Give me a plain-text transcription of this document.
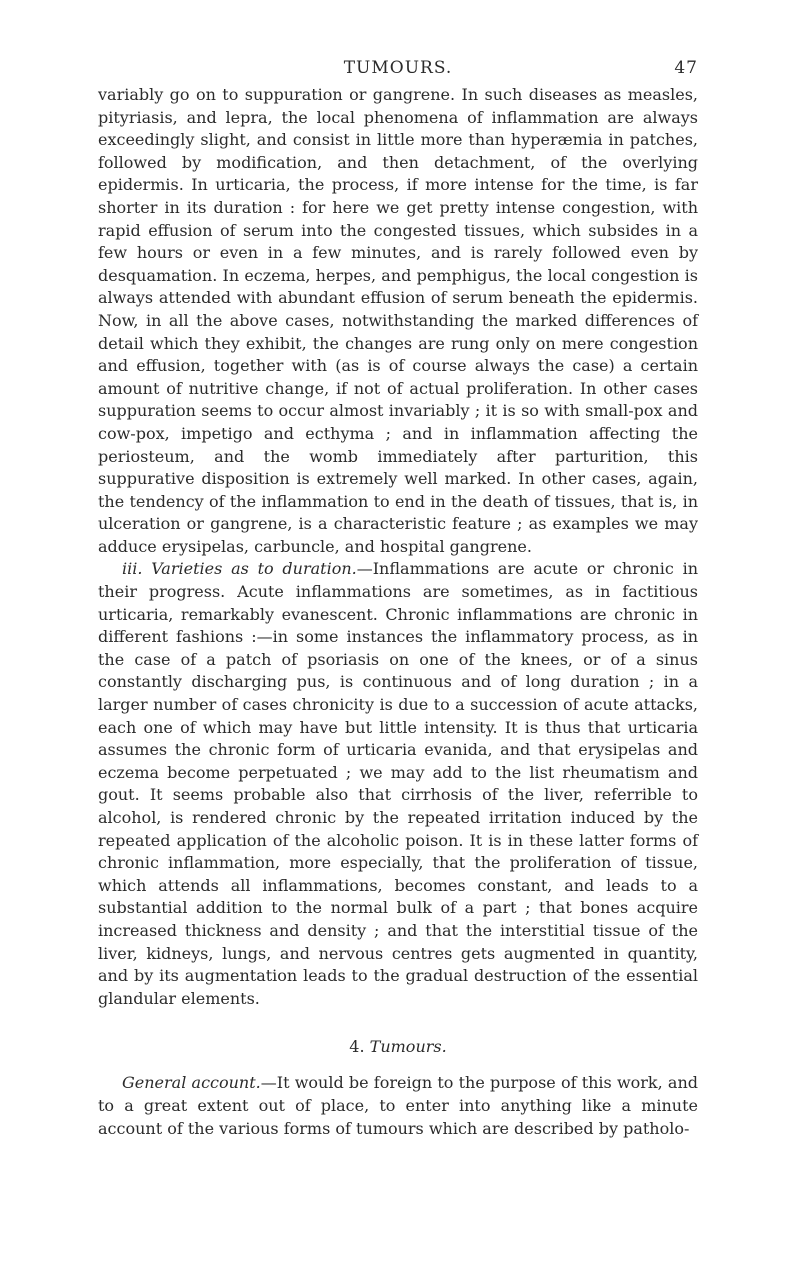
TUMOURS.	47

variably go on to suppuration or gangrene. In such diseases as measles, pityriasis, and lepra, the local phenomena of inflammation are always exceedingly slight, and consist in little more than hyperæmia in patches, followed by modification, and then detachment, of the overlying epidermis. In urticaria, the process, if more intense for the time, is far shorter in its duration : for here we get pretty intense congestion, with rapid effusion of serum into the congested tissues, which subsides in a few hours or even in a few minutes, and is rarely followed even by desquamation. In eczema, herpes, and pemphigus, the local congestion is always attended with abundant effusion of serum beneath the epidermis. Now, in all the above cases, notwithstanding the marked differences of detail which they exhibit, the changes are rung only on mere congestion and effusion, together with (as is of course always the case) a certain amount of nutritive change, if not of actual proliferation. In other cases suppuration seems to occur almost invariably ; it is so with small-pox and cow-pox, impetigo and ecthyma ; and in inflammation affecting the periosteum, and the womb immediately after parturition, this suppurative disposition is extremely well marked. In other cases, again, the tendency of the inflammation to end in the death of tissues, that is, in ulceration or gangrene, is a characteristic feature ; as examples we may adduce erysipelas, carbuncle, and hospital gangrene.

iii. Varieties as to duration.—Inflammations are acute or chronic in their progress. Acute inflammations are sometimes, as in factitious urticaria, remarkably evanescent. Chronic inflammations are chronic in different fashions :—in some instances the inflammatory process, as in the case of a patch of psoriasis on one of the knees, or of a sinus constantly discharging pus, is continuous and of long duration ; in a larger number of cases chronicity is due to a succession of acute attacks, each one of which may have but little intensity. It is thus that urticaria assumes the chronic form of urticaria evanida, and that erysipelas and eczema become perpetuated ; we may add to the list rheumatism and gout. It seems probable also that cirrhosis of the liver, referrible to alcohol, is rendered chronic by the repeated irritation induced by the repeated application of the alcoholic poison. It is in these latter forms of chronic inflammation, more especially, that the proliferation of tissue, which attends all inflammations, becomes constant, and leads to a substantial addition to the normal bulk of a part ; that bones acquire increased thickness and density ; and that the interstitial tissue of the liver, kidneys, lungs, and nervous centres gets augmented in quantity, and by its augmentation leads to the gradual destruction of the essential glandular elements.

4. Tumours.

General account.—It would be foreign to the purpose of this work, and to a great extent out of place, to enter into anything like a minute account of the various forms of tumours which are described by patholo-
